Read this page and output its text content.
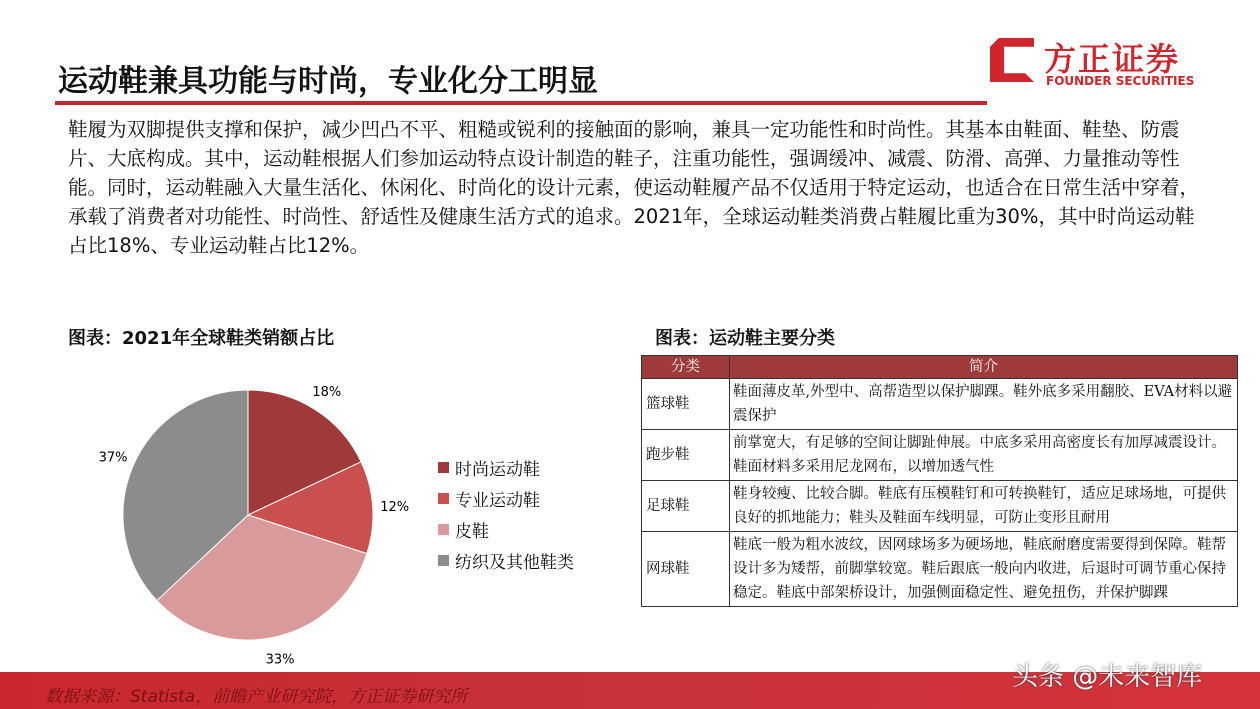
运动鞋兼具功能与时尚，专业化分工明显
方正证券
FOUNDER SECURITIES
鞋履为双脚提供支撑和保护，减少凹凸不平、粗糙或锐利的接触面的影响，兼具一定功能性和时尚性。其基本由鞋面、鞋垫、防震片、大底构成。其中，运动鞋根据人们参加运动特点设计制造的鞋子，注重功能性，强调缓冲、减震、防滑、高弹、力量推动等性能。同时，运动鞋融入大量生活化、休闲化、时尚化的设计元素，使运动鞋履产品不仅适用于特定运动，也适合在日常生活中穿着，承载了消费者对功能性、时尚性、舒适性及健康生活方式的追求。2021年，全球运动鞋类消费占鞋履比重为30%，其中时尚运动鞋占比18%、专业运动鞋占比12%。
图表：2021年全球鞋类销额占比	图表：运动鞋主要分类
18%
12%
33%
37%
时尚运动鞋
专业运动鞋
皮鞋
纺织及其他鞋类
分类	简介
篮球鞋	鞋面薄皮革,外型中、高帮造型以保护脚踝。鞋外底多采用翻胶、EVA材料以避震保护
跑步鞋	前掌宽大，有足够的空间让脚趾伸展。中底多采用高密度长有加厚减震设计。鞋面材料多采用尼龙网布，以增加透气性
足球鞋	鞋身较瘦、比较合脚。鞋底有压模鞋钉和可转换鞋钉，适应足球场地，可提供良好的抓地能力；鞋头及鞋面车线明显，可防止变形且耐用
网球鞋	鞋底一般为粗水波纹，因网球场多为硬场地，鞋底耐磨度需要得到保障。鞋帮设计多为矮帮，前脚掌较宽。鞋后跟底一般向内收进，后退时可调节重心保持稳定。鞋底中部架桥设计，加强侧面稳定性、避免扭伤，并保护脚踝
数据来源：Statista，前瞻产业研究院，方正证券研究所
头条 @未来智库
